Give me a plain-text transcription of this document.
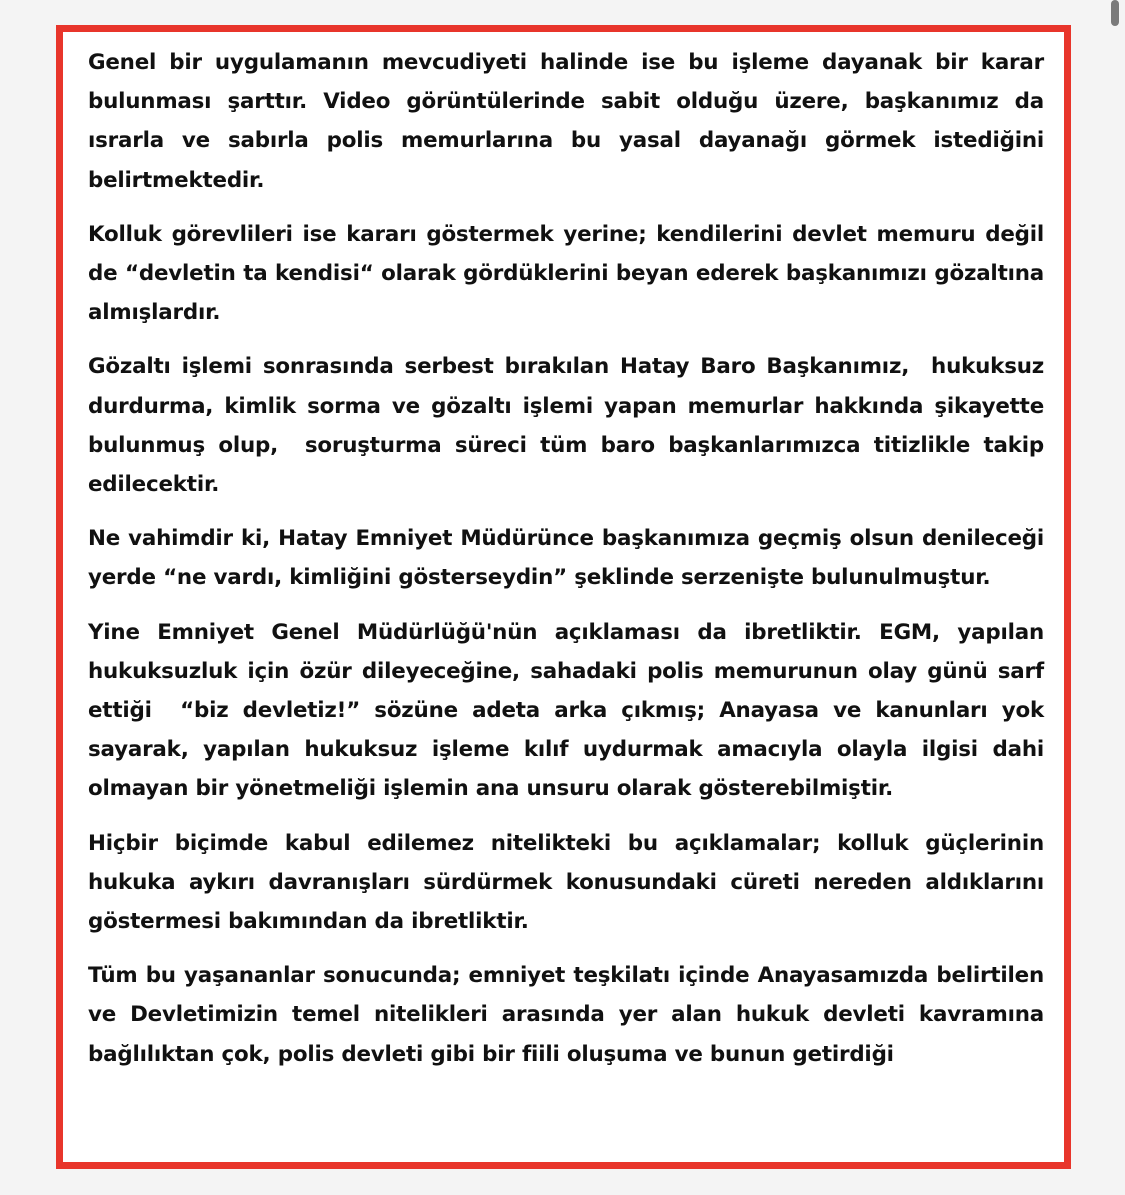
Genel bir uygulamanın mevcudiyeti halinde ise bu işleme dayanak bir karar bulunması şarttır. Video görüntülerinde sabit olduğu üzere, başkanımız da ısrarla ve sabırla polis memurlarına bu yasal dayanağı görmek istediğini belirtmektedir.

Kolluk görevlileri ise kararı göstermek yerine; kendilerini devlet memuru değil de “devletin ta kendisi“ olarak gördüklerini beyan ederek başkanımızı gözaltına almışlardır.

Gözaltı işlemi sonrasında serbest bırakılan Hatay Baro Başkanımız,  hukuksuz durdurma, kimlik sorma ve gözaltı işlemi yapan memurlar hakkında şikayette bulunmuş olup,  soruşturma süreci tüm baro başkanlarımızca titizlikle takip edilecektir.

Ne vahimdir ki, Hatay Emniyet Müdürünce başkanımıza geçmiş olsun denileceği yerde “ne vardı, kimliğini gösterseydin” şeklinde serzenişte bulunulmuştur.

Yine Emniyet Genel Müdürlüğü'nün açıklaması da ibretliktir. EGM, yapılan hukuksuzluk için özür dileyeceğine, sahadaki polis memurunun olay günü sarf ettiği  “biz devletiz!” sözüne adeta arka çıkmış; Anayasa ve kanunları yok sayarak, yapılan hukuksuz işleme kılıf uydurmak amacıyla olayla ilgisi dahi olmayan bir yönetmeliği işlemin ana unsuru olarak gösterebilmiştir.

Hiçbir biçimde kabul edilemez nitelikteki bu açıklamalar; kolluk güçlerinin hukuka aykırı davranışları sürdürmek konusundaki cüreti nereden aldıklarını göstermesi bakımından da ibretliktir.

Tüm bu yaşananlar sonucunda; emniyet teşkilatı içinde Anayasamızda belirtilen ve Devletimizin temel nitelikleri arasında yer alan hukuk devleti kavramına bağlılıktan çok, polis devleti gibi bir fiili oluşuma ve bunun getirdiği
